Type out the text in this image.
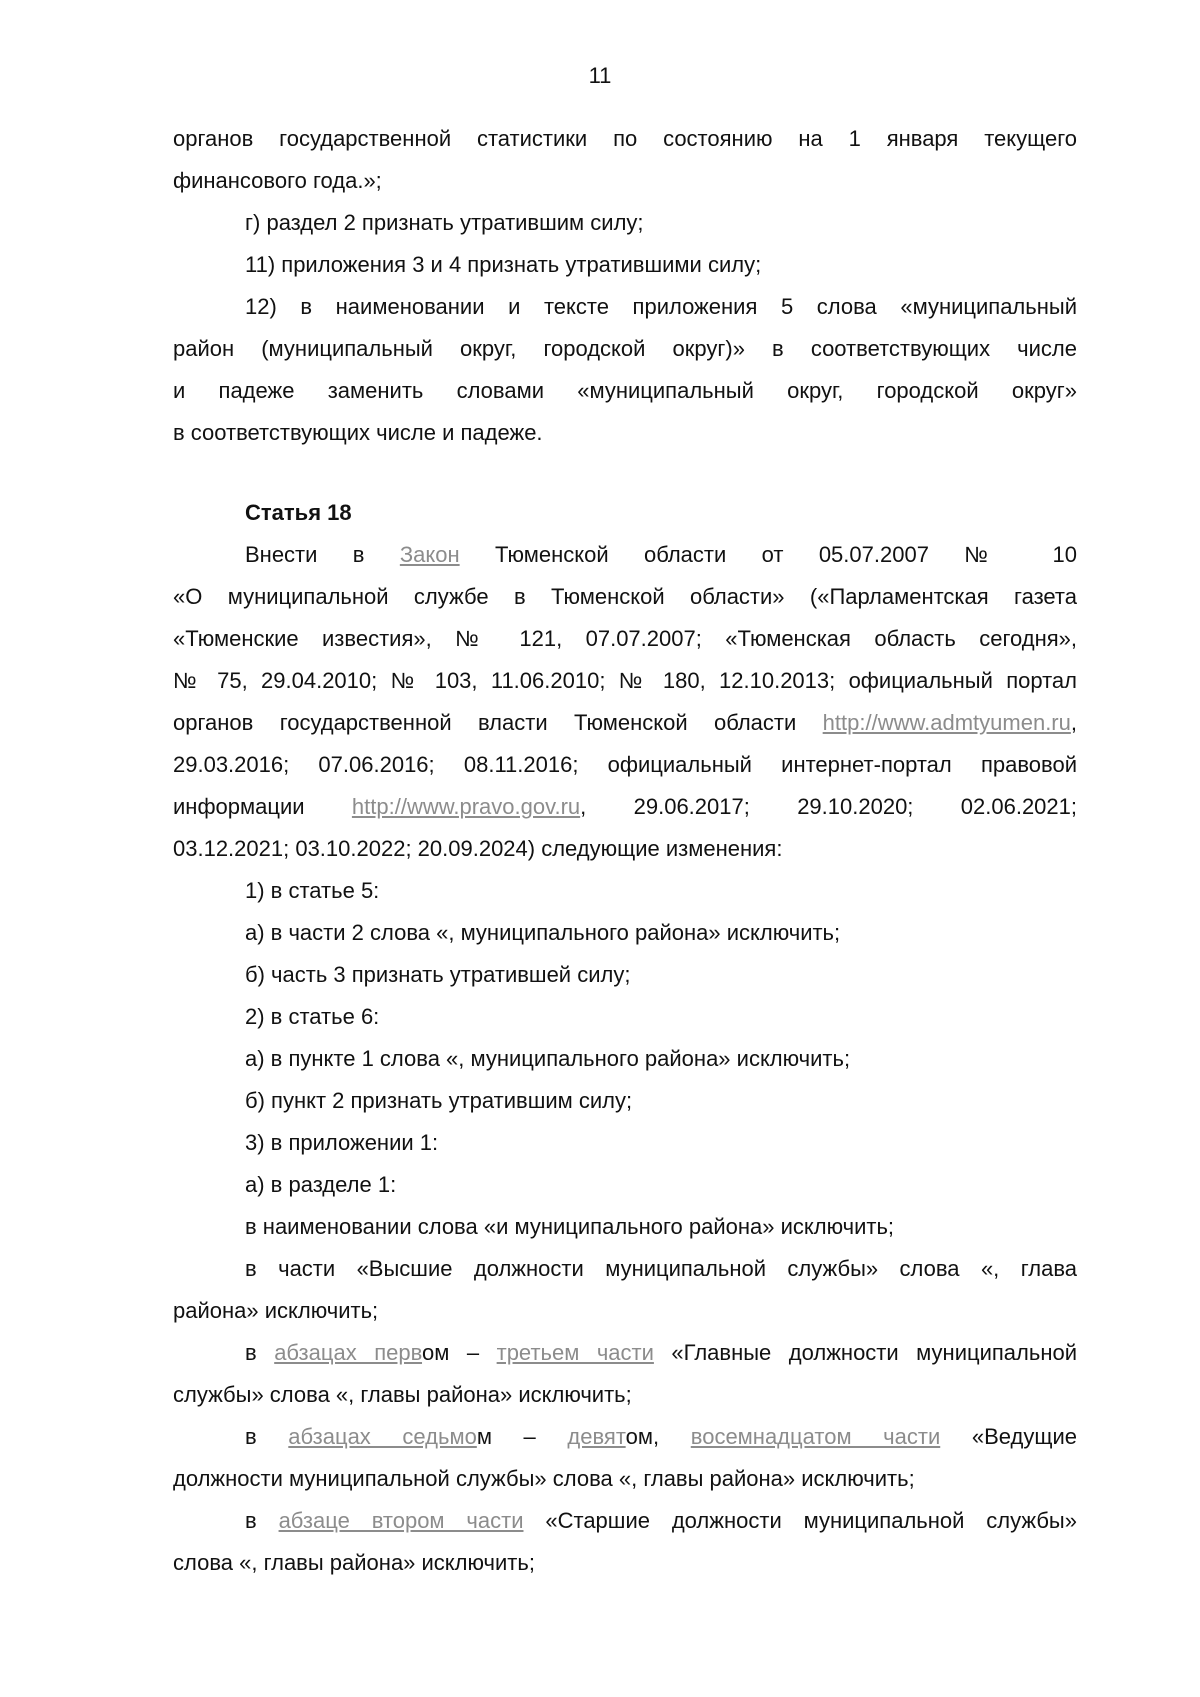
11
органов государственной статистики по состоянию на 1 января текущего
финансового года.»;
г) раздел 2 признать утратившим силу;
11) приложения 3 и 4 признать утратившими силу;
12) в наименовании и тексте приложения 5 слова «муниципальный
район (муниципальный округ, городской округ)» в соответствующих числе
и падеже заменить словами «муниципальный округ, городской округ»
в соответствующих числе и падеже.
Статья 18
Внести в Закон Тюменской области от 05.07.2007 № 10
«О муниципальной службе в Тюменской области» («Парламентская газета
«Тюменские известия», № 121, 07.07.2007; «Тюменская область сегодня»,
№ 75, 29.04.2010; № 103, 11.06.2010; № 180, 12.10.2013; официальный портал
органов государственной власти Тюменской области http://www.admtyumen.ru,
29.03.2016; 07.06.2016; 08.11.2016; официальный интернет-портал правовой
информации http://www.pravo.gov.ru, 29.06.2017; 29.10.2020; 02.06.2021;
03.12.2021; 03.10.2022; 20.09.2024) следующие изменения:
1) в статье 5:
а) в части 2 слова «, муниципального района» исключить;
б) часть 3 признать утратившей силу;
2) в статье 6:
а) в пункте 1 слова «, муниципального района» исключить;
б) пункт 2 признать утратившим силу;
3) в приложении 1:
а) в разделе 1:
в наименовании слова «и муниципального района» исключить;
в части «Высшие должности муниципальной службы» слова «, глава
района» исключить;
в абзацах первом – третьем части «Главные должности муниципальной
службы» слова «, главы района» исключить;
в абзацах седьмом – девятом, восемнадцатом части «Ведущие
должности муниципальной службы» слова «, главы района» исключить;
в абзаце втором части «Старшие должности муниципальной службы»
слова «, главы района» исключить;
